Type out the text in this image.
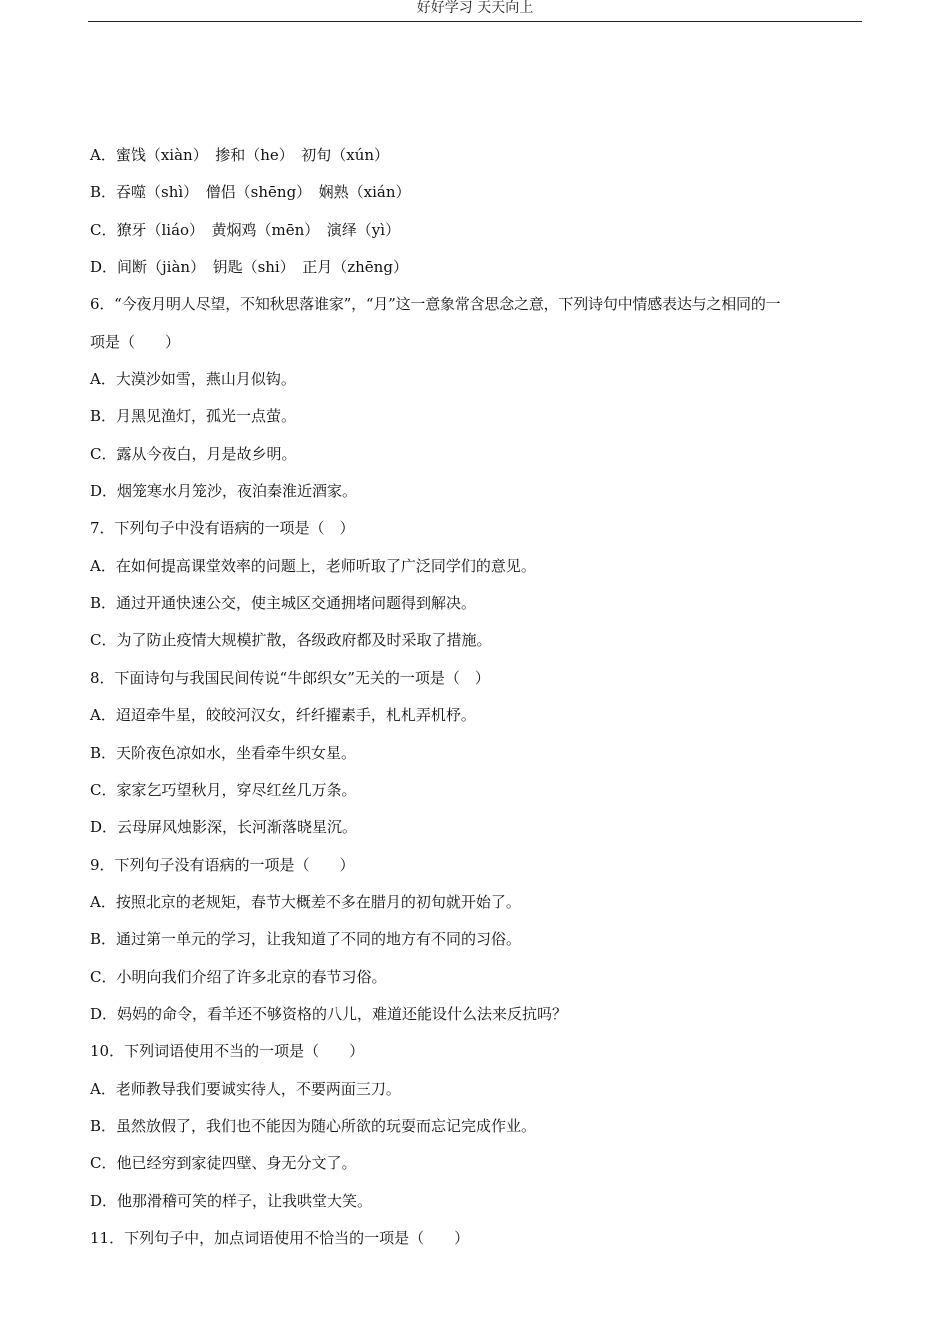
好好学习 天天向上
A．蜜饯（xiàn）　掺和（he）　初旬（xún）
B．吞噬（shì）　僧侣（shēng）　娴熟（xián）
C．獠牙（liáo）　黄焖鸡（mēn）　演绎（yì）
D．间断（jiàn）　钥匙（shi）　正月（zhēng）
6．“今夜月明人尽望，不知秋思落谁家”，“月”这一意象常含思念之意，下列诗句中情感表达与之相同的一
项是（　　）
A．大漠沙如雪，燕山月似钩。
B．月黑见渔灯，孤光一点萤。
C．露从今夜白，月是故乡明。
D．烟笼寒水月笼沙，夜泊秦淮近酒家。
7．下列句子中没有语病的一项是（　）
A．在如何提高课堂效率的问题上，老师听取了广泛同学们的意见。
B．通过开通快速公交，使主城区交通拥堵问题得到解决。
C．为了防止疫情大规模扩散，各级政府都及时采取了措施。
8．下面诗句与我国民间传说“牛郎织女”无关的一项是（　）
A．迢迢牵牛星，皎皎河汉女，纤纤擢素手，札札弄机杼。
B．天阶夜色凉如水，坐看牵牛织女星。
C．家家乞巧望秋月，穿尽红丝几万条。
D．云母屏风烛影深，长河渐落晓星沉。
9．下列句子没有语病的一项是（　　）
A．按照北京的老规矩，春节大概差不多在腊月的初旬就开始了。
B．通过第一单元的学习，让我知道了不同的地方有不同的习俗。
C．小明向我们介绍了许多北京的春节习俗。
D．妈妈的命令，看羊还不够资格的八儿，难道还能设什么法来反抗吗？
10．下列词语使用不当的一项是（　　）
A．老师教导我们要诚实待人，不要两面三刀。
B．虽然放假了，我们也不能因为随心所欲的玩耍而忘记完成作业。
C．他已经穷到家徒四壁、身无分文了。
D．他那滑稽可笑的样子，让我哄堂大笑。
11．下列句子中，加点词语使用不恰当的一项是（　　）
